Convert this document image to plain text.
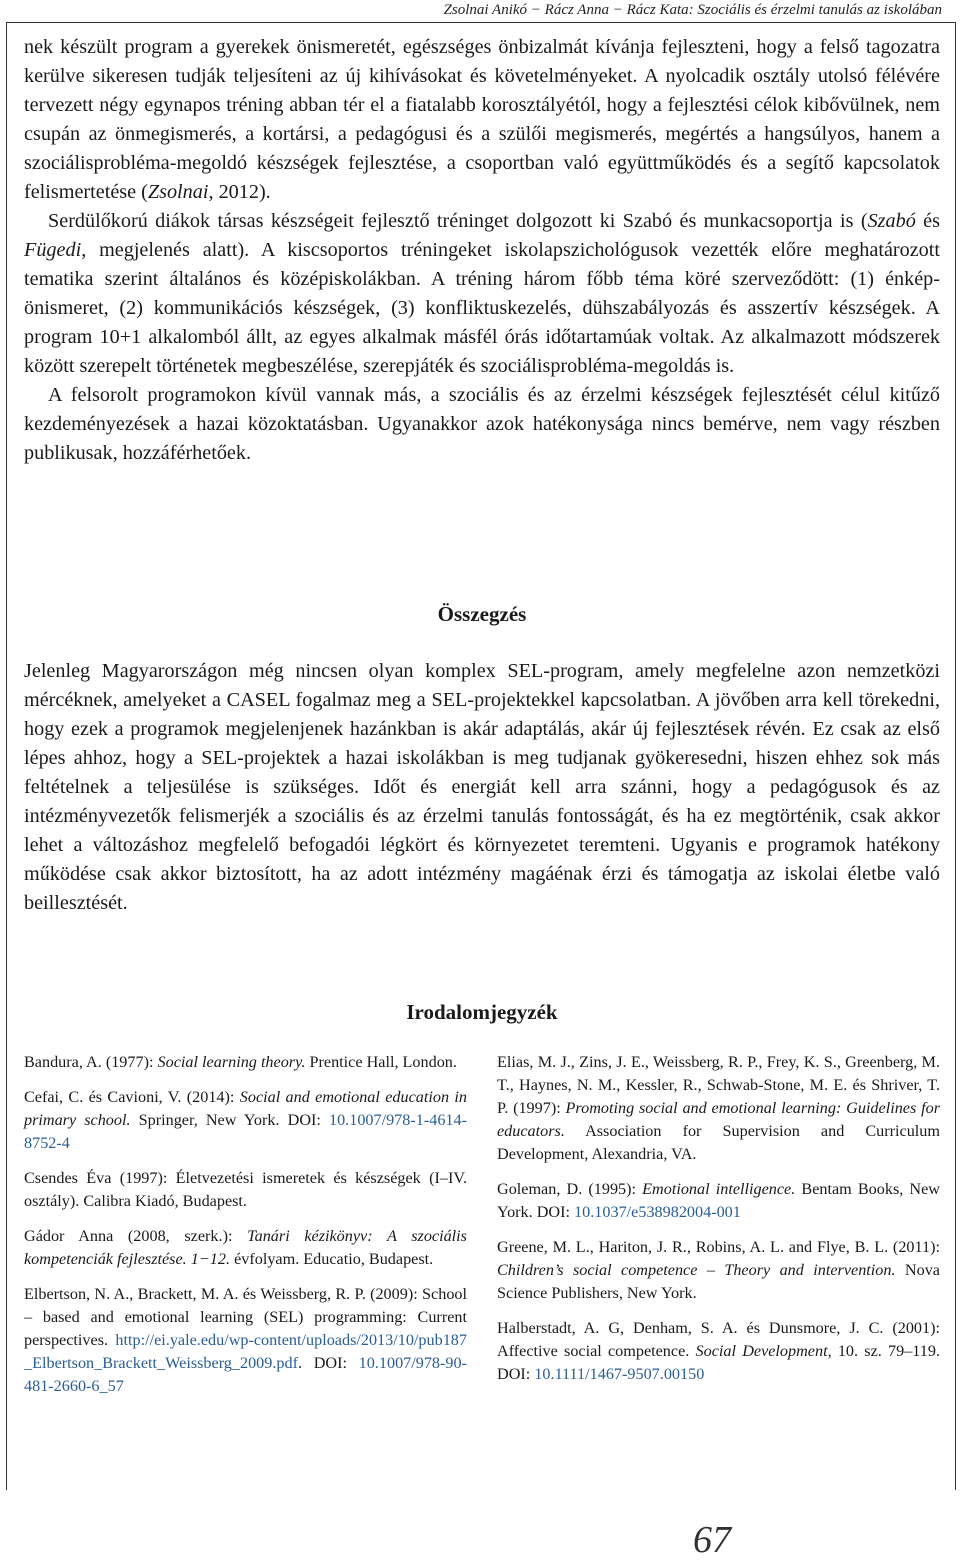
Zsolnai Anikó − Rácz Anna − Rácz Kata: Szociális és érzelmi tanulás az iskolában

nek készült program a gyerekek önismeretét, egészséges önbizalmát kívánja fejleszteni, hogy a felső tagozatra kerülve sikeresen tudják teljesíteni az új kihívásokat és követelményeket. A nyolcadik osztály utolsó félévére tervezett négy egynapos tréning abban tér el a fiatalabb korosztályétól, hogy a fejlesztési célok kibővülnek, nem csupán az önmegismerés, a kortársi, a pedagógusi és a szülői megismerés, megértés a hangsúlyos, hanem a szociálisprobléma-megoldó készségek fejlesztése, a csoportban való együttműködés és a segítő kapcsolatok felismertetése (Zsolnai, 2012).

Serdülőkorú diákok társas készségeit fejlesztő tréninget dolgozott ki Szabó és munkacsoportja is (Szabó és Fügedi, megjelenés alatt). A kiscsoportos tréningeket iskolapszichológusok vezették előre meghatározott tematika szerint általános és középiskolákban. A tréning három főbb téma köré szerveződött: (1) énkép-önismeret, (2) kommunikációs készségek, (3) konfliktuskezelés, dühszabályozás és asszertív készségek. A program 10+1 alkalomból állt, az egyes alkalmak másfél órás időtartamúak voltak. Az alkalmazott módszerek között szerepelt történetek megbeszélése, szerepjáték és szociálisprobléma-megoldás is.

A felsorolt programokon kívül vannak más, a szociális és az érzelmi készségek fejlesztését célul kitűző kezdeményezések a hazai közoktatásban. Ugyanakkor azok hatékonysága nincs bemérve, nem vagy részben publikusak, hozzáférhetőek.

Összegzés

Jelenleg Magyarországon még nincsen olyan komplex SEL-program, amely megfelelne azon nemzetközi mércéknek, amelyeket a CASEL fogalmaz meg a SEL-projektekkel kapcsolatban. A jövőben arra kell törekedni, hogy ezek a programok megjelenjenek hazánkban is akár adaptálás, akár új fejlesztések révén. Ez csak az első lépes ahhoz, hogy a SEL-projektek a hazai iskolákban is meg tudjanak gyökeresedni, hiszen ehhez sok más feltételnek a teljesülése is szükséges. Időt és energiát kell arra szánni, hogy a pedagógusok és az intézményvezetők felismerjék a szociális és az érzelmi tanulás fontosságát, és ha ez megtörténik, csak akkor lehet a változáshoz megfelelő befogadói légkört és környezetet teremteni. Ugyanis e programok hatékony működése csak akkor biztosított, ha az adott intézmény magáénak érzi és támogatja az iskolai életbe való beillesztését.

Irodalomjegyzék

Bandura, A. (1977): Social learning theory. Prentice Hall, London.

Cefai, C. és Cavioni, V. (2014): Social and emotional education in primary school. Springer, New York. DOI: 10.1007/978-1-4614-8752-4

Csendes Éva (1997): Életvezetési ismeretek és készségek (I–IV. osztály). Calibra Kiadó, Budapest.

Gádor Anna (2008, szerk.): Tanári kézikönyv: A szociális kompetenciák fejlesztése. 1−12. évfolyam. Educatio, Budapest.

Elbertson, N. A., Brackett, M. A. és Weissberg, R. P. (2009): School – based and emotional learning (SEL) programming: Current perspectives. http://ei.yale.edu/wp-content/uploads/2013/10/pub187_Elbertson_Brackett_Weissberg_2009.pdf. DOI: 10.1007/978-90-481-2660-6_57

Elias, M. J., Zins, J. E., Weissberg, R. P., Frey, K. S., Greenberg, M. T., Haynes, N. M., Kessler, R., Schwab-Stone, M. E. és Shriver, T. P. (1997): Promoting social and emotional learning: Guidelines for educators. Association for Supervision and Curriculum Development, Alexandria, VA.

Goleman, D. (1995): Emotional intelligence. Bentam Books, New York. DOI: 10.1037/e538982004-001

Greene, M. L., Hariton, J. R., Robins, A. L. and Flye, B. L. (2011): Children’s social competence – Theory and intervention. Nova Science Publishers, New York.

Halberstadt, A. G, Denham, S. A. és Dunsmore, J. C. (2001): Affective social competence. Social Development, 10. sz. 79–119. DOI: 10.1111/1467-9507.00150

67
